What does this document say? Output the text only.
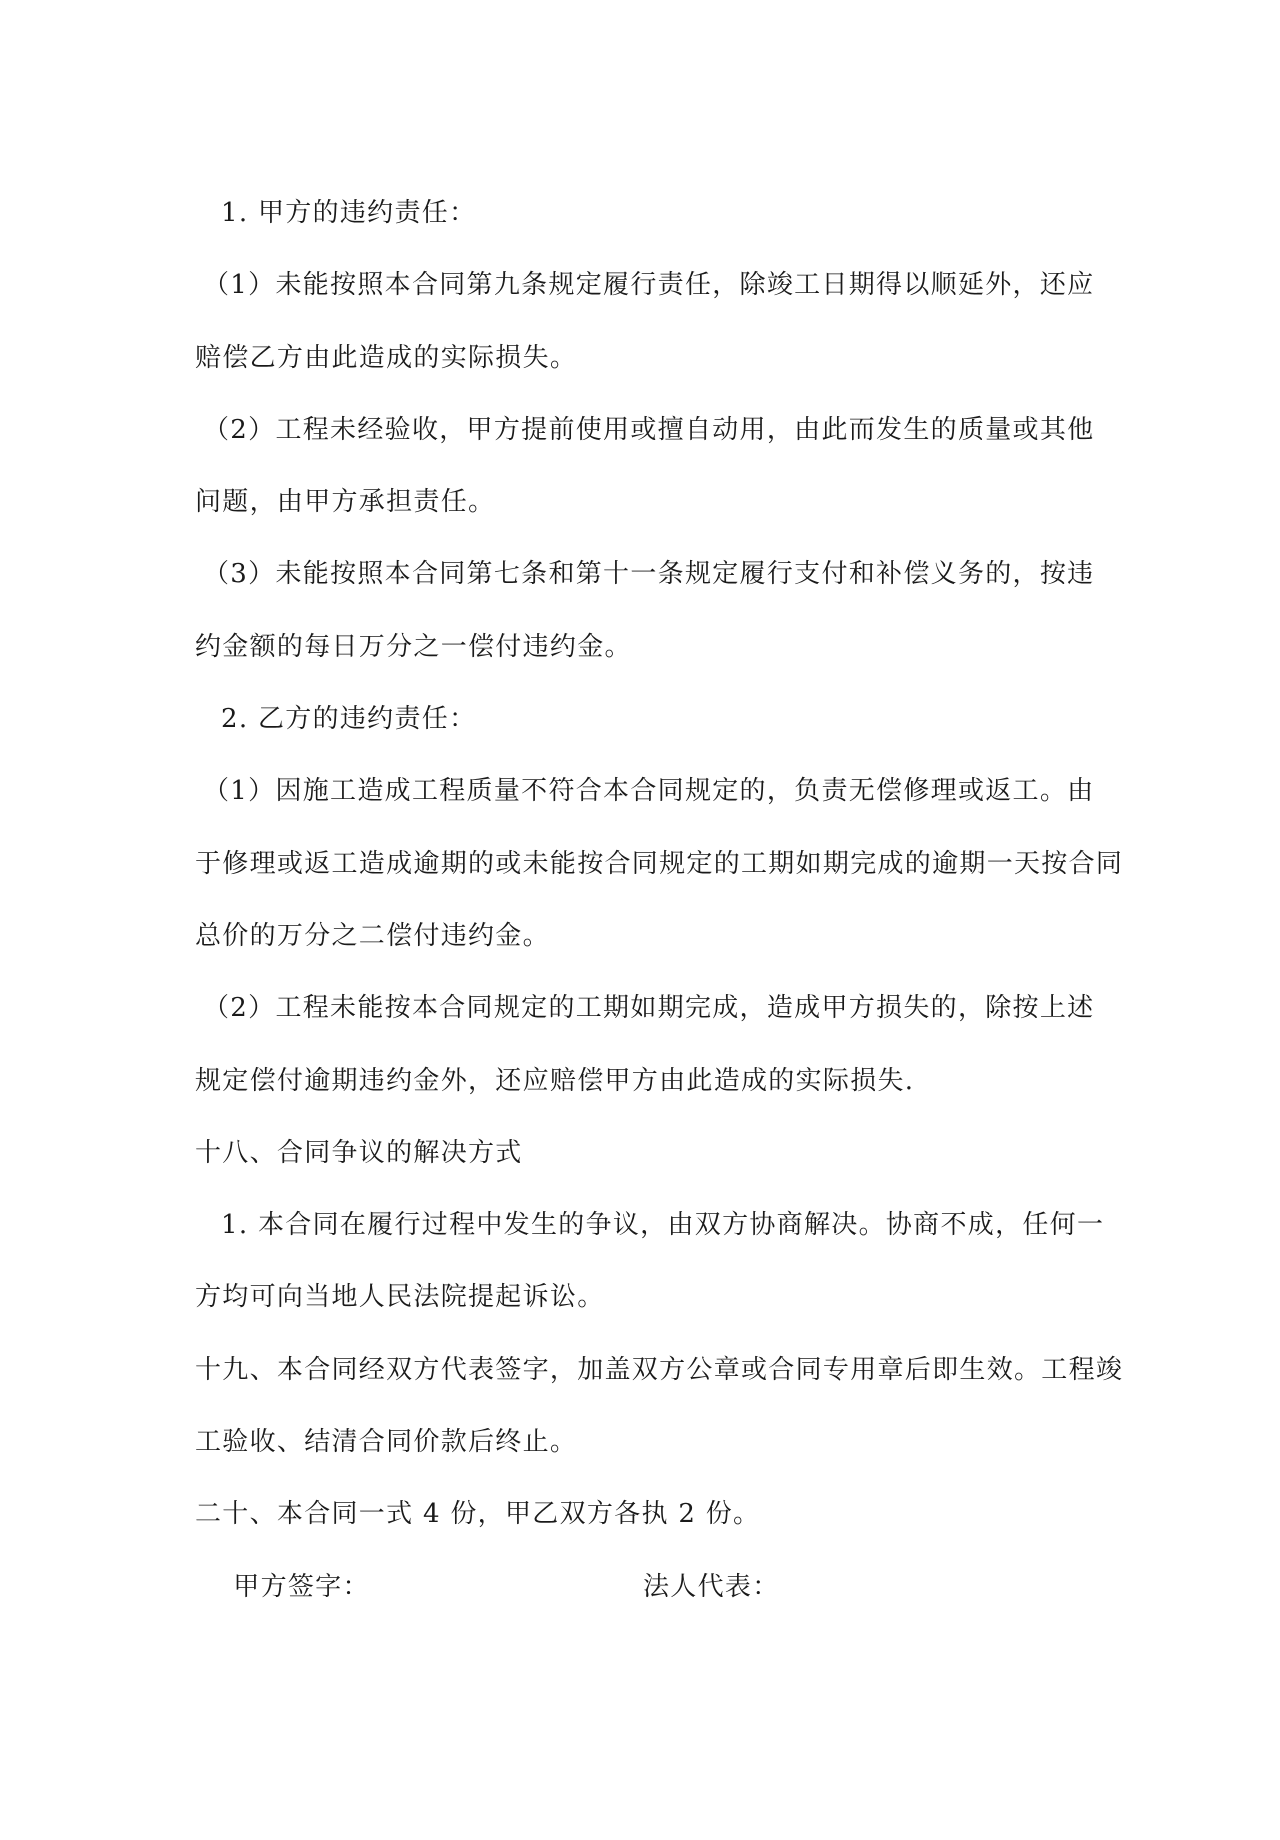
1. 甲方的违约责任：
（1）未能按照本合同第九条规定履行责任，除竣工日期得以顺延外，还应
赔偿乙方由此造成的实际损失。
（2）工程未经验收，甲方提前使用或擅自动用，由此而发生的质量或其他
问题，由甲方承担责任。
（3）未能按照本合同第七条和第十一条规定履行支付和补偿义务的，按违
约金额的每日万分之一偿付违约金。
2. 乙方的违约责任：
（1）因施工造成工程质量不符合本合同规定的，负责无偿修理或返工。由
于修理或返工造成逾期的或未能按合同规定的工期如期完成的逾期一天按合同
总价的万分之二偿付违约金。
（2）工程未能按本合同规定的工期如期完成，造成甲方损失的，除按上述
规定偿付逾期违约金外，还应赔偿甲方由此造成的实际损失.
十八、合同争议的解决方式
1. 本合同在履行过程中发生的争议，由双方协商解决。协商不成，任何一
方均可向当地人民法院提起诉讼。
十九、本合同经双方代表签字，加盖双方公章或合同专用章后即生效。工程竣
工验收、结清合同价款后终止。
二十、本合同一式 4 份，甲乙双方各执 2 份。

甲方签字：

	法人代表：
